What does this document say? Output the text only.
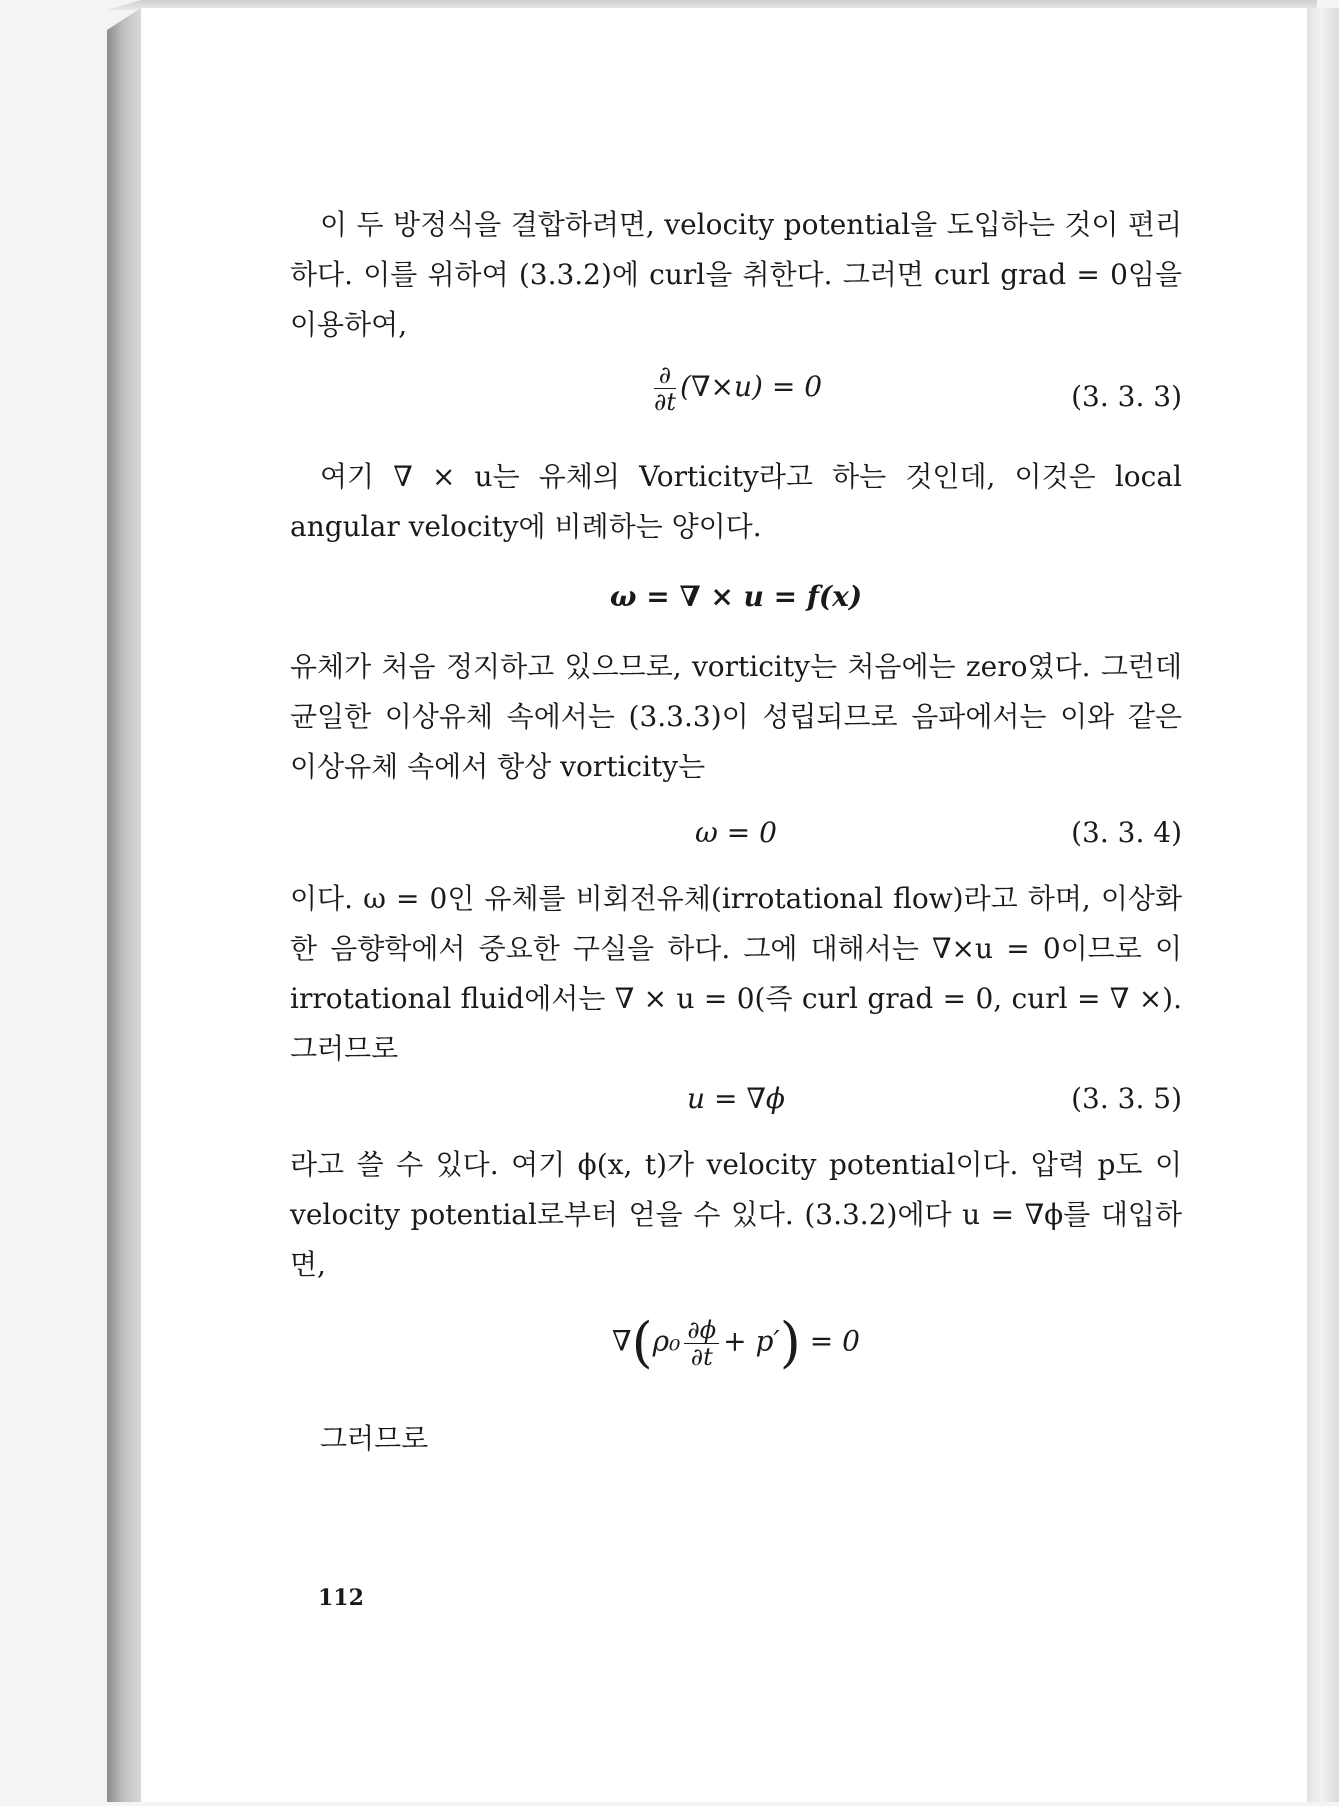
이 두 방정식을 결합하려면, velocity potential을 도입하는 것이 편리하다. 이를 위하여 (3.3.2)에 curl을 취한다. 그러면 curl grad = 0임을 이용하여,

$\frac{\partial}{\partial t} (\nabla\times u) = 0$	(3. 3. 3)

여기 ∇ × u는 유체의 Vorticity라고 하는 것인데, 이것은 local angular velocity에 비례하는 양이다.

ω = ∇ × u = f(x)

유체가 처음 정지하고 있으므로, vorticity는 처음에는 zero였다. 그런데 균일한 이상유체 속에서는 (3.3.3)이 성립되므로 음파에서는 이와 같은 이상유체 속에서 항상 vorticity는

ω = 0	(3. 3. 4)

이다. ω = 0인 유체를 비회전유체(irrotational flow)라고 하며, 이상화한 음향학에서 중요한 구실을 하다. 그에 대해서는 ∇×u = 0이므로 이 irrotational fluid에서는 ∇ × u = 0(즉 curl grad = 0, curl = ∇ ×). 그러므로

u = ∇ϕ	(3. 3. 5)

라고 쓸 수 있다. 여기 ϕ(x, t)가 velocity potential이다. 압력 p도 이 velocity potential로부터 얻을 수 있다. (3.3.2)에다 u = ∇ϕ를 대입하면,

$\nabla(\rho_0 \frac{\partial\phi}{\partial t} + p') = 0$

그러므로

112
